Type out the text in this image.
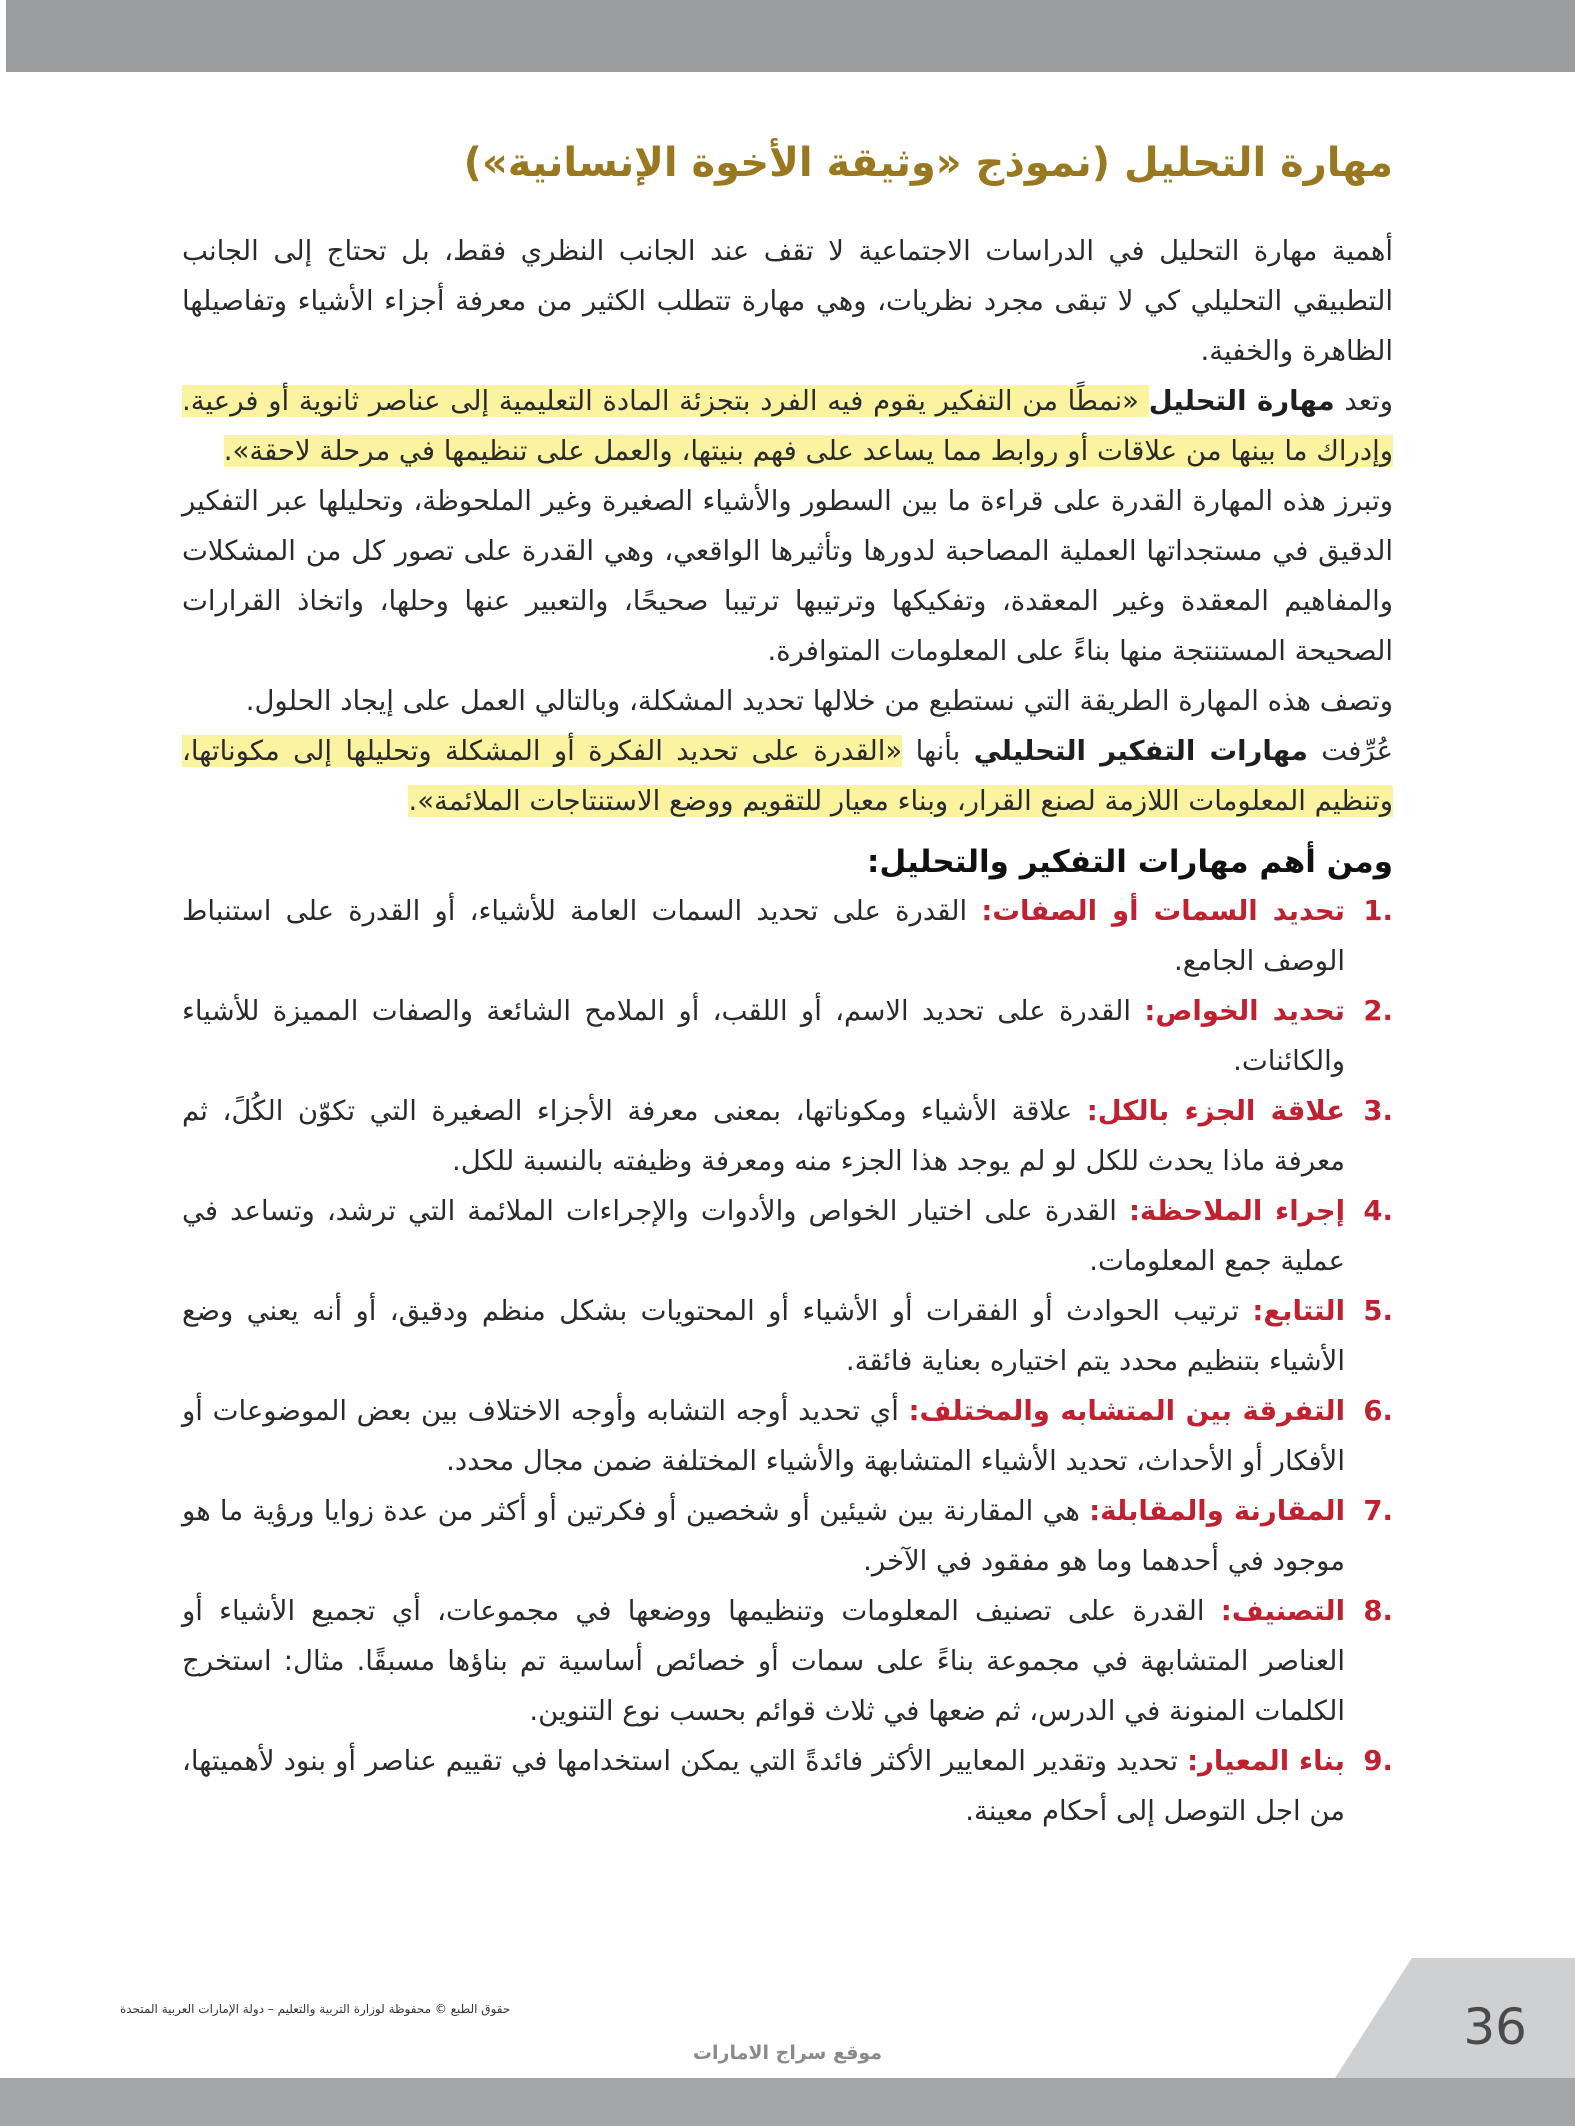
مهارة التحليل (نموذج «وثيقة الأخوة الإنسانية»)

أهمية مهارة التحليل في الدراسات الاجتماعية لا تقف عند الجانب النظري فقط، بل تحتاج إلى الجانب التطبيقي التحليلي كي لا تبقى مجرد نظريات، وهي مهارة تتطلب الكثير من معرفة أجزاء الأشياء وتفاصيلها الظاهرة والخفية.

وتعد مهارة التحليل «نمطًا من التفكير يقوم فيه الفرد بتجزئة المادة التعليمية إلى عناصر ثانوية أو فرعية. وإدراك ما بينها من علاقات أو روابط مما يساعد على فهم بنيتها، والعمل على تنظيمها في مرحلة لاحقة».

وتبرز هذه المهارة القدرة على قراءة ما بين السطور والأشياء الصغيرة وغير الملحوظة، وتحليلها عبر التفكير الدقيق في مستجداتها العملية المصاحبة لدورها وتأثيرها الواقعي، وهي القدرة على تصور كل من المشكلات والمفاهيم المعقدة وغير المعقدة، وتفكيكها وترتيبها ترتيبا صحيحًا، والتعبير عنها وحلها، واتخاذ القرارات الصحيحة المستنتجة منها بناءً على المعلومات المتوافرة.

وتصف هذه المهارة الطريقة التي نستطيع من خلالها تحديد المشكلة، وبالتالي العمل على إيجاد الحلول.

عُرِّفت مهارات التفكير التحليلي بأنها «القدرة على تحديد الفكرة أو المشكلة وتحليلها إلى مكوناتها، وتنظيم المعلومات اللازمة لصنع القرار، وبناء معيار للتقويم ووضع الاستنتاجات الملائمة».

ومن أهم مهارات التفكير والتحليل:
.1
تحديد السمات أو الصفات: القدرة على تحديد السمات العامة للأشياء، أو القدرة على استنباط الوصف الجامع.
.2
تحديد الخواص: القدرة على تحديد الاسم، أو اللقب، أو الملامح الشائعة والصفات المميزة للأشياء والكائنات.
.3
علاقة الجزء بالكل: علاقة الأشياء ومكوناتها، بمعنى معرفة الأجزاء الصغيرة التي تكوّن الكُلً، ثم معرفة ماذا يحدث للكل لو لم يوجد هذا الجزء منه ومعرفة وظيفته بالنسبة للكل.
.4
إجراء الملاحظة: القدرة على اختيار الخواص والأدوات والإجراءات الملائمة التي ترشد، وتساعد في عملية جمع المعلومات.
.5
التتابع: ترتيب الحوادث أو الفقرات أو الأشياء أو المحتويات بشكل منظم ودقيق، أو أنه يعني وضع الأشياء بتنظيم محدد يتم اختياره بعناية فائقة.
.6
التفرقة بين المتشابه والمختلف: أي تحديد أوجه التشابه وأوجه الاختلاف بين بعض الموضوعات أو الأفكار أو الأحداث، تحديد الأشياء المتشابهة والأشياء المختلفة ضمن مجال محدد.
.7
المقارنة والمقابلة: هي المقارنة بين شيئين أو شخصين أو فكرتين أو أكثر من عدة زوايا ورؤية ما هو موجود في أحدهما وما هو مفقود في الآخر.
.8
التصنيف: القدرة على تصنيف المعلومات وتنظيمها ووضعها في مجموعات، أي تجميع الأشياء أو العناصر المتشابهة في مجموعة بناءً على سمات أو خصائص أساسية تم بناؤها مسبقًا. مثال: استخرج الكلمات المنونة في الدرس، ثم ضعها في ثلاث قوائم بحسب نوع التنوين.
.9
بناء المعيار: تحديد وتقدير المعايير الأكثر فائدةً التي يمكن استخدامها في تقييم عناصر أو بنود لأهميتها، من اجل التوصل إلى أحكام معينة.
36
حقوق الطبع © محفوظة لوزارة التربية والتعليم – دولة الإمارات العربية المتحدة
موقع سراج الامارات
